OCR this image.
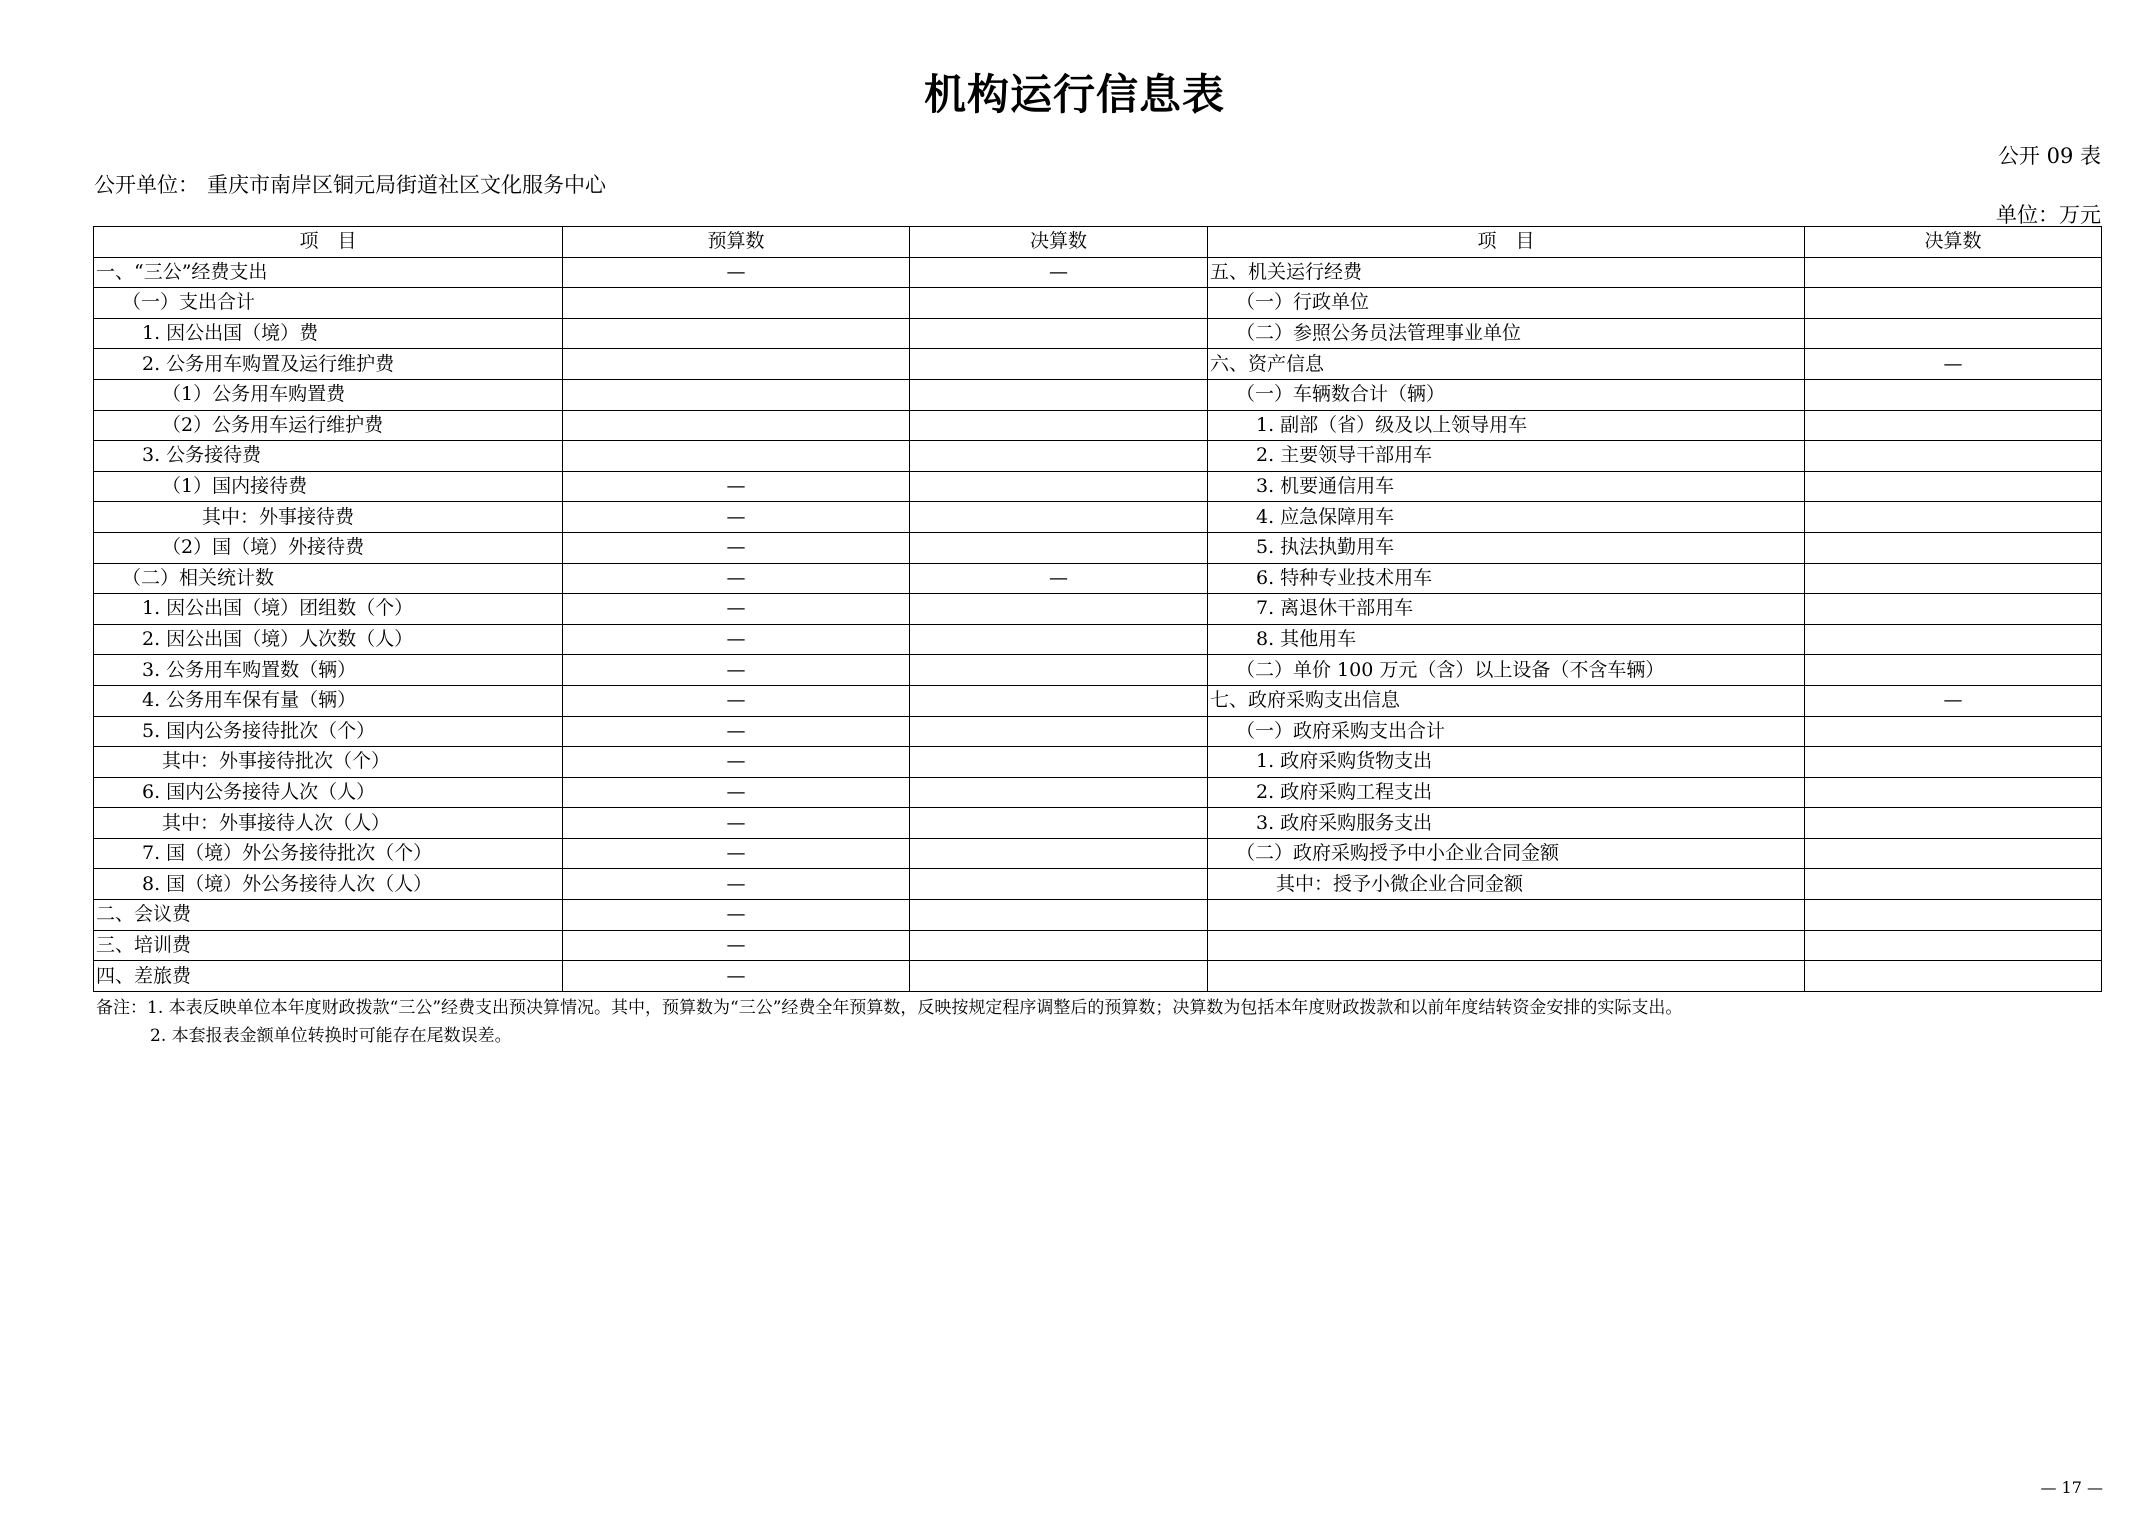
机构运行信息表
公开 09 表
公开单位： 重庆市南岸区铜元局街道社区文化服务中心
单位：万元
项　目	预算数	决算数	项　目	决算数
一、“三公”经费支出	—	—	五、机关运行经费	
（一）支出合计			（一）行政单位	
1. 因公出国（境）费			（二）参照公务员法管理事业单位	
2. 公务用车购置及运行维护费			六、资产信息	—
（1）公务用车购置费			（一）车辆数合计（辆）	
（2）公务用车运行维护费			1. 副部（省）级及以上领导用车	
3. 公务接待费			2. 主要领导干部用车	
（1）国内接待费	—		3. 机要通信用车	
其中：外事接待费	—		4. 应急保障用车	
（2）国（境）外接待费	—		5. 执法执勤用车	
（二）相关统计数	—	—	6. 特种专业技术用车	
1. 因公出国（境）团组数（个）	—		7. 离退休干部用车	
2. 因公出国（境）人次数（人）	—		8. 其他用车	
3. 公务用车购置数（辆）	—		（二）单价 100 万元（含）以上设备（不含车辆）	
4. 公务用车保有量（辆）	—		七、政府采购支出信息	—
5. 国内公务接待批次（个）	—		（一）政府采购支出合计	
其中：外事接待批次（个）	—		1. 政府采购货物支出	
6. 国内公务接待人次（人）	—		2. 政府采购工程支出	
其中：外事接待人次（人）	—		3. 政府采购服务支出	
7. 国（境）外公务接待批次（个）	—		（二）政府采购授予中小企业合同金额	
8. 国（境）外公务接待人次（人）	—		其中：授予小微企业合同金额	
二、会议费	—			
三、培训费	—			
四、差旅费	—			
备注：1. 本表反映单位本年度财政拨款“三公”经费支出预决算情况。其中，预算数为“三公”经费全年预算数，反映按规定程序调整后的预算数；决算数为包括本年度财政拨款和以前年度结转资金安排的实际支出。
2. 本套报表金额单位转换时可能存在尾数误差。
— 17 —
